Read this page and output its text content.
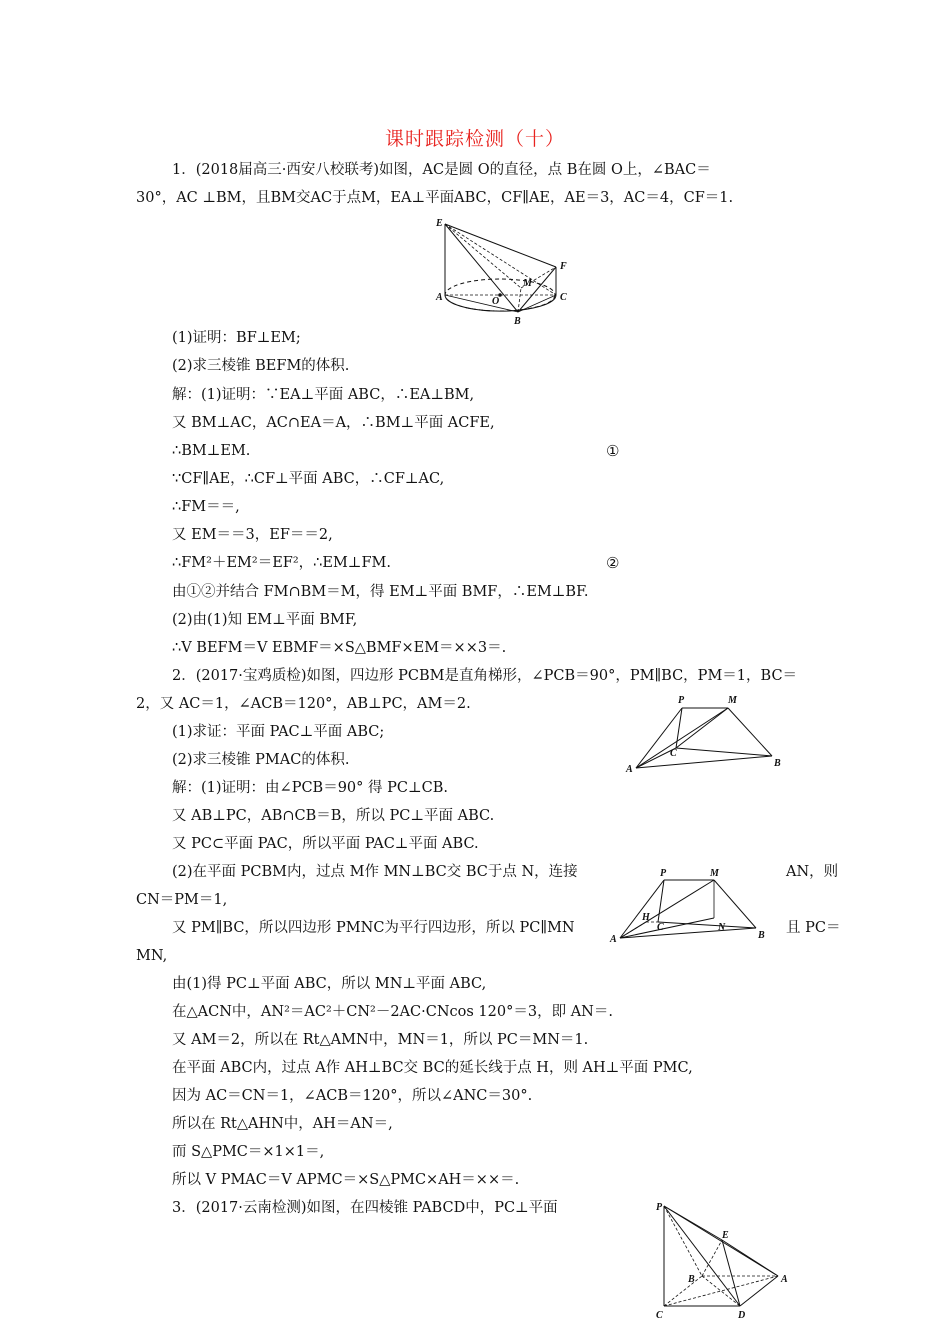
课时跟踪检测（十）
1．(2018届高三·西安八校联考)如图，AC是圆 O的直径，点 B在圆 O上，∠BAC＝
30°，AC ⊥BM，且BM交AC于点M，EA⊥平面ABC，CF∥AE，AE＝3，AC＝4，CF＝1.
E
F
M
A	O	C
B
(1)证明：BF⊥EM;
(2)求三棱锥 BEFM的体积.
解：(1)证明：∵EA⊥平面 ABC，∴EA⊥BM,
又 BM⊥AC，AC∩EA＝A，∴BM⊥平面 ACFE,
∴BM⊥EM.	①
∵CF∥AE，∴CF⊥平面 ABC，∴CF⊥AC,
∴FM＝＝,
又 EM＝＝3，EF＝＝2,
∴FM²＋EM²＝EF²，∴EM⊥FM.	②
由①②并结合 FM∩BM＝M，得 EM⊥平面 BMF，∴EM⊥BF.
(2)由(1)知 EM⊥平面 BMF,
∴V BEFM＝V EBMF＝×S△BMF×EM＝××3＝.
2．(2017·宝鸡质检)如图，四边形 PCBM是直角梯形，∠PCB＝90°，PM∥BC，PM＝1，BC＝
2，又 AC＝1，∠ACB＝120°，AB⊥PC，AM＝2.	P	M
C
A
B
(1)求证：平面 PAC⊥平面 ABC;
(2)求三棱锥 PMAC的体积.
解：(1)证明：由∠PCB＝90° 得 PC⊥CB.
又 AB⊥PC，AB∩CB＝B，所以 PC⊥平面 ABC.
又 PC⊂平面 PAC，所以平面 PAC⊥平面 ABC.
(2)在平面 PCBM内，过点 M作 MN⊥BC交 BC于点 N，连接	AN，则
CN＝PM＝1,
P	M
H
C	N
A	B
又 PM∥BC，所以四边形 PMNC为平行四边形，所以 PC∥MN	且 PC＝
MN,
由(1)得 PC⊥平面 ABC，所以 MN⊥平面 ABC,
在△ACN中，AN²＝AC²＋CN²－2AC·CNcos 120°＝3，即 AN＝.
又 AM＝2，所以在 Rt△AMN中，MN＝1，所以 PC＝MN＝1.
在平面 ABC内，过点 A作 AH⊥BC交 BC的延长线于点 H，则 AH⊥平面 PMC,
因为 AC＝CN＝1，∠ACB＝120°，所以∠ANC＝30°.
所以在 Rt△AHN中，AH＝AN＝,
而 S△PMC＝×1×1＝,
所以 V PMAC＝V APMC＝×S△PMC×AH＝××＝.
3．(2017·云南检测)如图，在四棱锥 PABCD中，PC⊥平面	P
E
B	A
C	D
